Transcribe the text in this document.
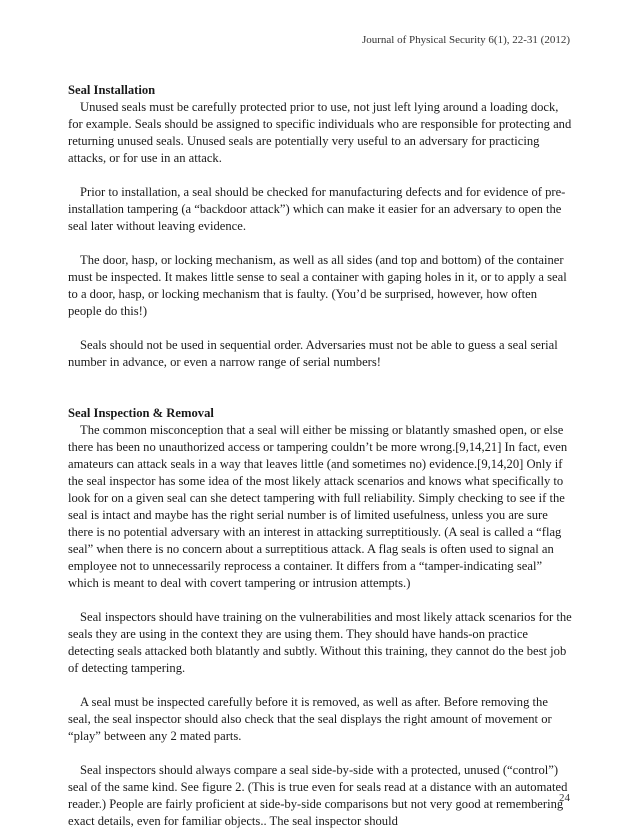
Journal of Physical Security 6(1), 22-31 (2012)

Seal Installation

Unused seals must be carefully protected prior to use, not just left lying around a loading dock, for example. Seals should be assigned to specific individuals who are responsible for protecting and returning unused seals. Unused seals are potentially very useful to an adversary for practicing attacks, or for use in an attack.

Prior to installation, a seal should be checked for manufacturing defects and for evidence of pre-installation tampering (a “backdoor attack”) which can make it easier for an adversary to open the seal later without leaving evidence.

The door, hasp, or locking mechanism, as well as all sides (and top and bottom) of the container must be inspected. It makes little sense to seal a container with gaping holes in it, or to apply a seal to a door, hasp, or locking mechanism that is faulty. (You’d be surprised, however, how often people do this!)

Seals should not be used in sequential order. Adversaries must not be able to guess a seal serial number in advance, or even a narrow range of serial numbers!

Seal Inspection & Removal

The common misconception that a seal will either be missing or blatantly smashed open, or else there has been no unauthorized access or tampering couldn’t be more wrong.[9,14,21] In fact, even amateurs can attack seals in a way that leaves little (and sometimes no) evidence.[9,14,20] Only if the seal inspector has some idea of the most likely attack scenarios and knows what specifically to look for on a given seal can she detect tampering with full reliability. Simply checking to see if the seal is intact and maybe has the right serial number is of limited usefulness, unless you are sure there is no potential adversary with an interest in attacking surreptitiously. (A seal is called a “flag seal” when there is no concern about a surreptitious attack. A flag seals is often used to signal an employee not to unnecessarily reprocess a container. It differs from a “tamper-indicating seal” which is meant to deal with covert tampering or intrusion attempts.)

Seal inspectors should have training on the vulnerabilities and most likely attack scenarios for the seals they are using in the context they are using them. They should have hands-on practice detecting seals attacked both blatantly and subtly. Without this training, they cannot do the best job of detecting tampering.

A seal must be inspected carefully before it is removed, as well as after. Before removing the seal, the seal inspector should also check that the seal displays the right amount of movement or “play” between any 2 mated parts.

Seal inspectors should always compare a seal side-by-side with a protected, unused (“control”) seal of the same kind. See figure 2. (This is true even for seals read at a distance with an automated reader.) People are fairly proficient at side-by-side comparisons but not very good at remembering exact details, even for familiar objects.. The seal inspector should

24
